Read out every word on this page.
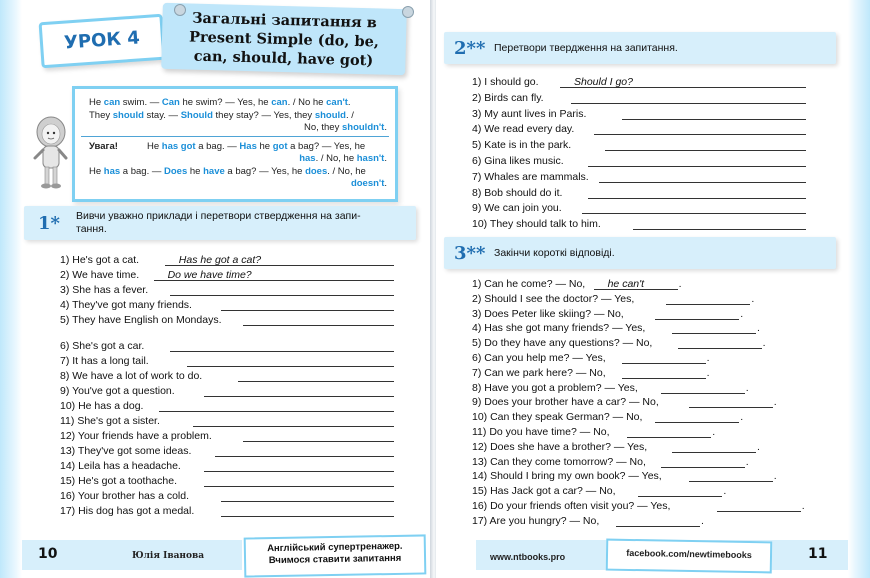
УРОК 4
Загальні запитання в
Present Simple (do, be,
can, should, have got)
He can swim. — Can he swim? — Yes, he can. / No he can't.
They should stay. — Should they stay? — Yes, they should. /
No, they shouldn't.
Увага!	He has got a bag. — Has he got a bag? — Yes, he
has. / No, he hasn't.
He has a bag. — Does he have a bag? — Yes, he does. / No, he
doesn't.
1* Вивчи уважно приклади і перетвори ствердження на запи-
тання.
1) He's got a cat.	Has he got a cat?
2) We have time.	Do we have time?
3) She has a fever.
4) They've got many friends.
5) They have English on Mondays.
6) She's got a car.
7) It has a long tail.
8) We have a lot of work to do.
9) You've got a question.
10) He has a dog.
11) She's got a sister.
12) Your friends have a problem.
13) They've got some ideas.
14) Leila has a headache.
15) He's got a toothache.
16) Your brother has a cold.
17) His dog has got a medal.
10	Юлія Іванова
Англійський супертренажер.
Вчимося ставити запитання
2** Перетвори твердження на запитання.
1) I should go.	Should I go?
2) Birds can fly.
3) My aunt lives in Paris.
4) We read every day.
5) Kate is in the park.
6) Gina likes music.
7) Whales are mammals.
8) Bob should do it.
9) We can join you.
10) They should talk to him.
3** Закінчи короткі відповіді.
1) Can he come? — No, he can't	.
2) Should I see the doctor? — Yes,	.
3) Does Peter like skiing? — No,	.
4) Has she got many friends? — Yes,	.
5) Do they have any questions? — No,	.
6) Can you help me? — Yes,	.
7) Can we park here? — No,	.
8) Have you got a problem? — Yes,	.
9) Does your brother have a car? — No,	.
10) Can they speak German? — No,	.
11) Do you have time? — No,	.
12) Does she have a brother? — Yes,	.
13) Can they come tomorrow? — No,	.
14) Should I bring my own book? — Yes,	.
15) Has Jack got a car? — No,	.
16) Do your friends often visit you? — Yes,	.
17) Are you hungry? — No,	.
www.ntbooks.pro	facebook.com/newtimebooks	11
